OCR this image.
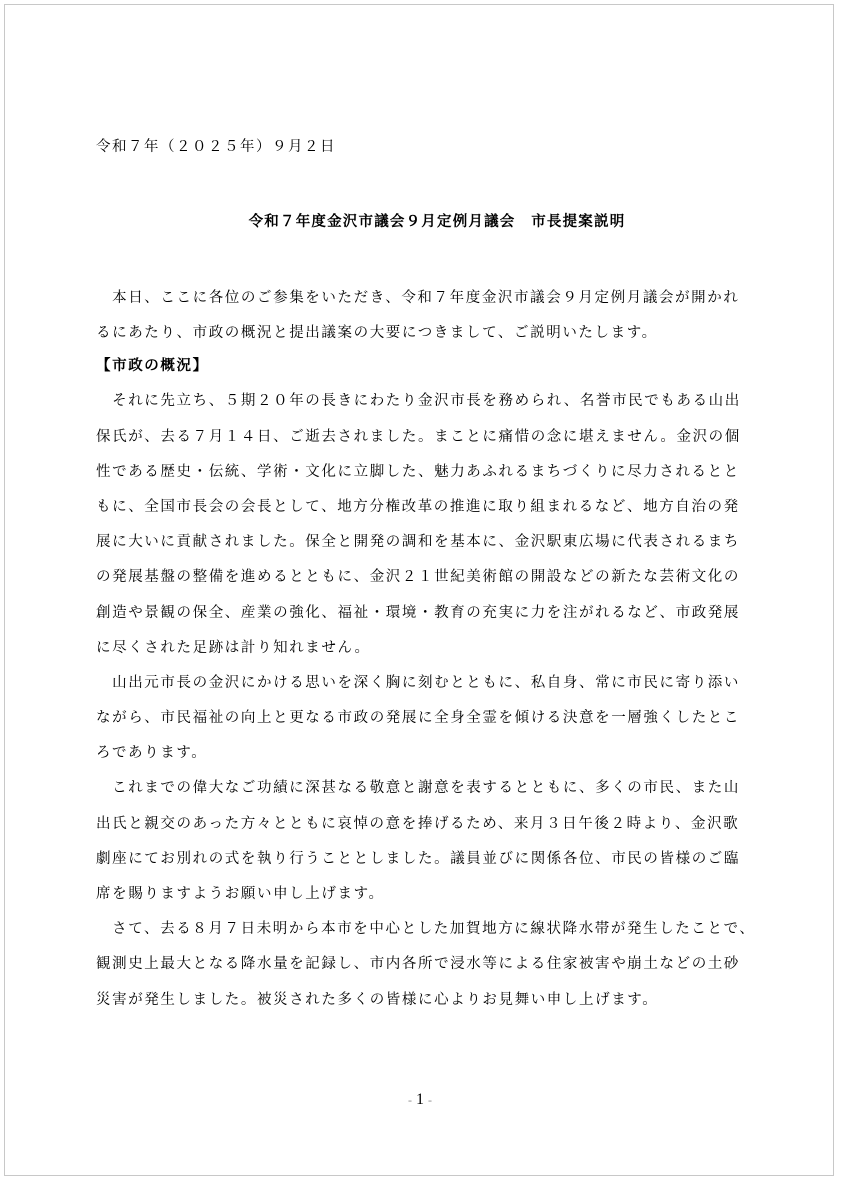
令和７年（２０２５年）９月２日

令和７年度金沢市議会９月定例月議会　市長提案説明

　本日、ここに各位のご参集をいただき、令和７年度金沢市議会９月定例月議会が開かれ

るにあたり、市政の概況と提出議案の大要につきまして、ご説明いたします。

【市政の概況】

　それに先立ち、５期２０年の長きにわたり金沢市長を務められ、名誉市民でもある山出

保氏が、去る７月１４日、ご逝去されました。まことに痛惜の念に堪えません。金沢の個

性である歴史・伝統、学術・文化に立脚した、魅力あふれるまちづくりに尽力されるとと

もに、全国市長会の会長として、地方分権改革の推進に取り組まれるなど、地方自治の発

展に大いに貢献されました。保全と開発の調和を基本に、金沢駅東広場に代表されるまち

の発展基盤の整備を進めるとともに、金沢２１世紀美術館の開設などの新たな芸術文化の

創造や景観の保全、産業の強化、福祉・環境・教育の充実に力を注がれるなど、市政発展

に尽くされた足跡は計り知れません。

　山出元市長の金沢にかける思いを深く胸に刻むとともに、私自身、常に市民に寄り添い

ながら、市民福祉の向上と更なる市政の発展に全身全霊を傾ける決意を一層強くしたとこ

ろであります。

　これまでの偉大なご功績に深甚なる敬意と謝意を表するとともに、多くの市民、また山

出氏と親交のあった方々とともに哀悼の意を捧げるため、来月３日午後２時より、金沢歌

劇座にてお別れの式を執り行うこととしました。議員並びに関係各位、市民の皆様のご臨

席を賜りますようお願い申し上げます。

　さて、去る８月７日未明から本市を中心とした加賀地方に線状降水帯が発生したことで、

観測史上最大となる降水量を記録し、市内各所で浸水等による住家被害や崩土などの土砂

災害が発生しました。被災された多くの皆様に心よりお見舞い申し上げます。

- 1 -
